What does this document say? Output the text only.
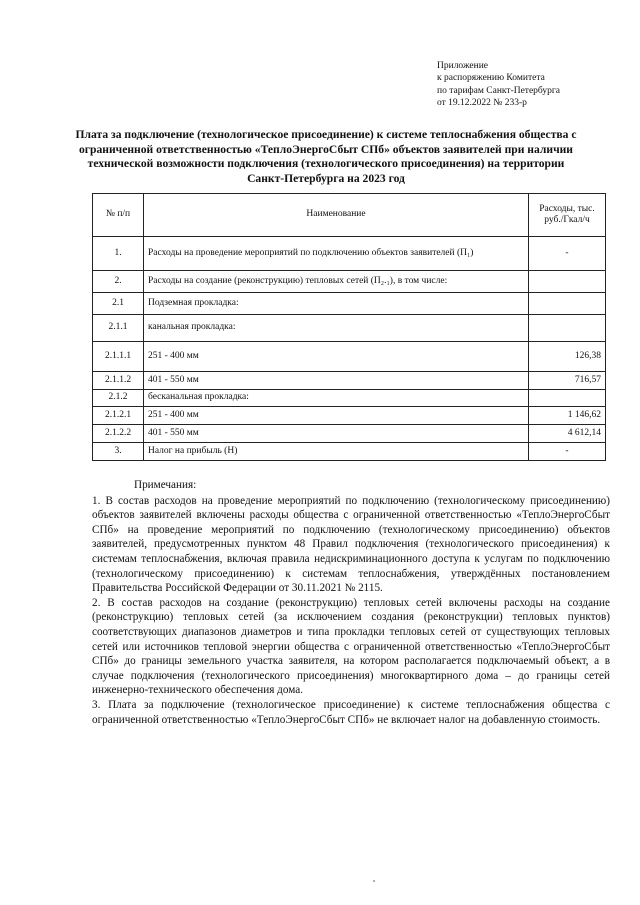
Приложение
к распоряжению Комитета
по тарифам Санкт-Петербурга
от 19.12.2022 № 233-р
Плата за подключение (технологическое присоединение) к системе теплоснабжения общества с ограниченной ответственностью «ТеплоЭнергоСбыт СПб» объектов заявителей при наличии технической возможности подключения (технологического присоединения) на территории Санкт-Петербурга на 2023 год
№ п/п	Наименование	Расходы, тыс. руб./Гкал/ч
1.	Расходы на проведение мероприятий по подключению объектов заявителей (П₁)	-
2.	Расходы на создание (реконструкцию) тепловых сетей (П₂.₁), в том числе:	
2.1	Подземная прокладка:	
2.1.1	канальная прокладка:	
2.1.1.1	251 - 400 мм	126,38
2.1.1.2	401 - 550 мм	716,57
2.1.2	бесканальная прокладка:	
2.1.2.1	251 - 400 мм	1 146,62
2.1.2.2	401 - 550 мм	4 612,14
3.	Налог на прибыль (Н)	-
Примечания:

1. В состав расходов на проведение мероприятий по подключению (технологическому присоединению) объектов заявителей включены расходы общества с ограниченной ответственностью «ТеплоЭнергоСбыт СПб» на проведение мероприятий по подключению (технологическому присоединению) объектов заявителей, предусмотренных пунктом 48 Правил подключения (технологического присоединения) к системам теплоснабжения, включая правила недискриминационного доступа к услугам по подключению (технологическому присоединению) к системам теплоснабжения, утверждённых постановлением Правительства Российской Федерации от 30.11.2021 № 2115.

2. В состав расходов на создание (реконструкцию) тепловых сетей включены расходы на создание (реконструкцию) тепловых сетей (за исключением создания (реконструкции) тепловых пунктов) соответствующих диапазонов диаметров и типа прокладки тепловых сетей от существующих тепловых сетей или источников тепловой энергии общества с ограниченной ответственностью «ТеплоЭнергоСбыт СПб» до границы земельного участка заявителя, на котором располагается подключаемый объект, а в случае подключения (технологического присоединения) многоквартирного дома – до границы сетей инженерно-технического обеспечения дома.

3. Плата за подключение (технологическое присоединение) к системе теплоснабжения общества с ограниченной ответственностью «ТеплоЭнергоСбыт СПб» не включает налог на добавленную стоимость.
